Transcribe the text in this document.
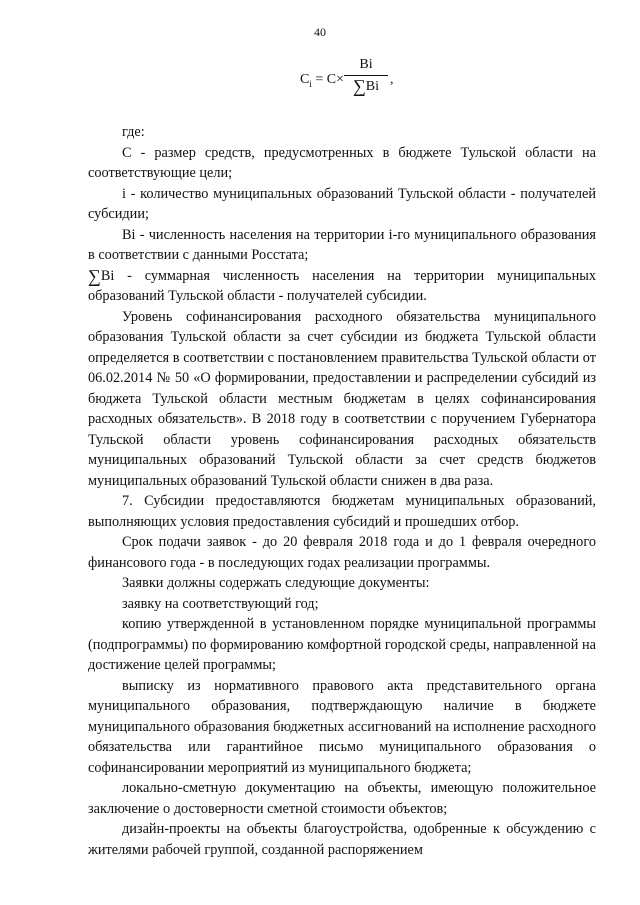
40
$C_i = C\times$
Bi
∑Bi ,

где:

С - размер средств, предусмотренных в бюджете Тульской области на соответствующие цели;

i - количество муниципальных образований Тульской области - получателей субсидии;

Bi - численность населения на территории i-го муниципального образования в соответствии с данными Росстата;

∑Bi - суммарная численность населения на территории муниципальных образований Тульской области - получателей субсидии.

Уровень софинансирования расходного обязательства муниципального образования Тульской области за счет субсидии из бюджета Тульской области определяется в соответствии с постановлением правительства Тульской области от 06.02.2014 № 50 «О формировании, предоставлении и распределении субсидий из бюджета Тульской области местным бюджетам в целях софинансирования расходных обязательств». В 2018 году в соответствии с поручением Губернатора Тульской области уровень софинансирования расходных обязательств муниципальных образований Тульской области за счет средств бюджетов муниципальных образований Тульской области снижен в два раза.

7. Субсидии предоставляются бюджетам муниципальных образований, выполняющих условия предоставления субсидий и прошедших отбор.

Срок подачи заявок - до 20 февраля 2018 года и до 1 февраля очередного финансового года - в последующих годах реализации программы.

Заявки должны содержать следующие документы:

заявку на соответствующий год;

копию утвержденной в установленном порядке муниципальной программы (подпрограммы) по формированию комфортной городской среды, направленной на достижение целей программы;

выписку из нормативного правового акта представительного органа муниципального образования, подтверждающую наличие в бюджете муниципального образования бюджетных ассигнований на исполнение расходного обязательства или гарантийное письмо муниципального образования о софинансировании мероприятий из муниципального бюджета;

локально-сметную документацию на объекты, имеющую положительное заключение о достоверности сметной стоимости объектов;

дизайн-проекты на объекты благоустройства, одобренные к обсуждению с жителями рабочей группой, созданной распоряжением
